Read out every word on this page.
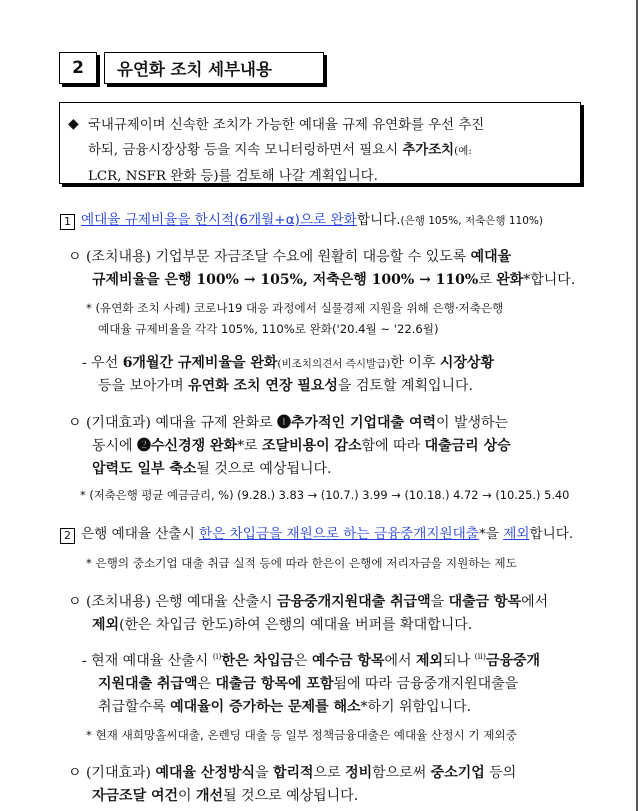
2	유연화 조치 세부내용
◆ 국내규제이며 신속한 조치가 가능한 예대율 규제 유연화를 우선 추진
하되, 금융시장상황 등을 지속 모니터링하면서 필요시 추가조치(예:
LCR, NSFR 완화 등)를 검토해 나갈 계획입니다.
1 예대율 규제비율을 한시적(6개월+α)으로 완화합니다.(은행 105%, 저축은행 110%)
ㅇ (조치내용) 기업부문 자금조달 수요에 원활히 대응할 수 있도록 예대율
규제비율을 은행 100% → 105%, 저축은행 100% → 110%로 완화*합니다.
* (유연화 조치 사례) 코로나19 대응 과정에서 실물경제 지원을 위해 은행·저축은행
예대율 규제비율을 각각 105%, 110%로 완화('20.4월 ~ '22.6월)
- 우선 6개월간 규제비율을 완화(비조치의견서 즉시발급)한 이후 시장상황
등을 보아가며 유연화 조치 연장 필요성을 검토할 계획입니다.
ㅇ (기대효과) 예대율 규제 완화로 ❶추가적인 기업대출 여력이 발생하는
동시에 ❷수신경쟁 완화*로 조달비용이 감소함에 따라 대출금리 상승
압력도 일부 축소될 것으로 예상됩니다.
* (저축은행 평균 예금금리, %) (9.28.) 3.83 → (10.7.) 3.99 → (10.18.) 4.72 → (10.25.) 5.40
2 은행 예대율 산출시 한은 차입금을 재원으로 하는 금융중개지원대출*을 제외합니다.
* 은행의 중소기업 대출 취급 실적 등에 따라 한은이 은행에 저리자금을 지원하는 제도
ㅇ (조치내용) 은행 예대율 산출시 금융중개지원대출 취급액을 대출금 항목에서
제외(한은 차입금 한도)하여 은행의 예대율 버퍼를 확대합니다.
- 현재 예대율 산출시 $^{(i)}$한은 차입금은 예수금 항목에서 제외되나 $^{(ii)}$금융중개
지원대출 취급액은 대출금 항목에 포함됨에 따라 금융중개지원대출을
취급할수록 예대율이 증가하는 문제를 해소*하기 위함입니다.
* 현재 새희망홀씨대출, 온렌딩 대출 등 일부 정책금융대출은 예대율 산정시 기 제외중
ㅇ (기대효과) 예대율 산정방식을 합리적으로 정비함으로써 중소기업 등의
자금조달 여건이 개선될 것으로 예상됩니다.
